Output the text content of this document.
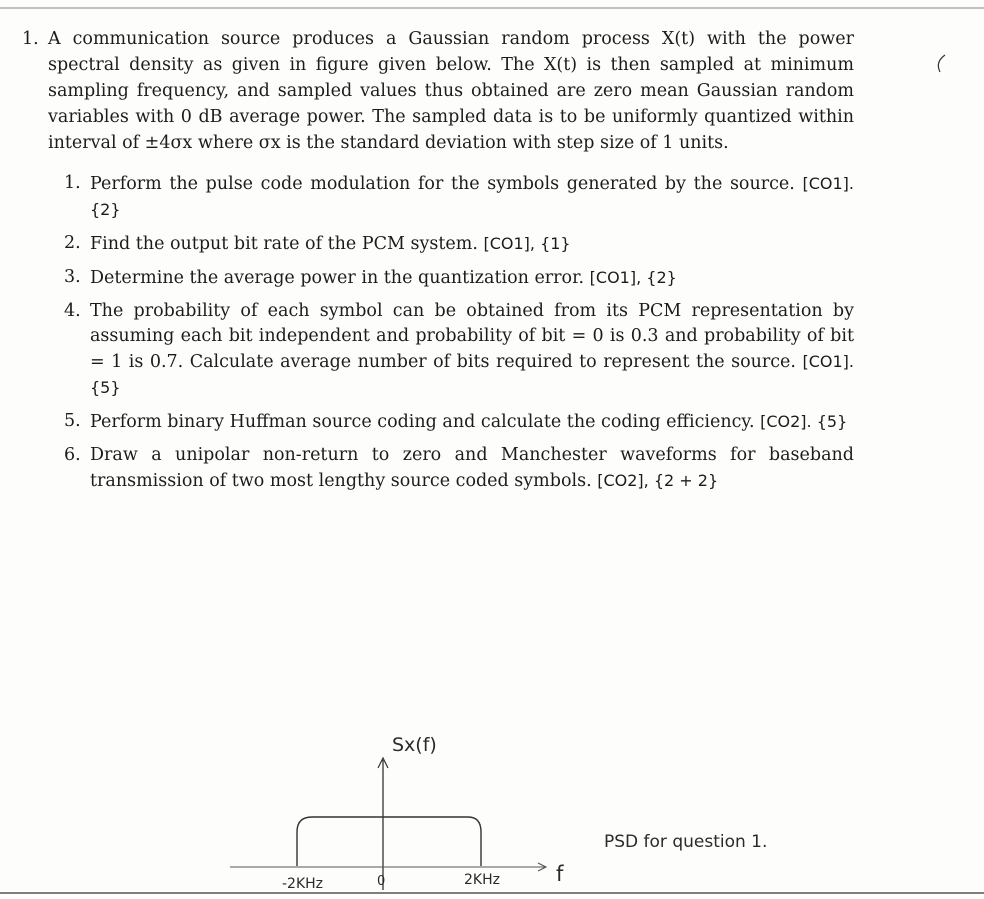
1. A communication source produces a Gaussian random process X(t) with the power spectral density as given in figure given below. The X(t) is then sampled at minimum sampling frequency, and sampled values thus obtained are zero mean Gaussian random variables with 0 dB average power. The sampled data is to be uniformly quantized within interval of ±4σx where σx is the standard deviation with step size of 1 units.
1. Perform the pulse code modulation for the symbols generated by the source. [CO1]. {2}
2. Find the output bit rate of the PCM system. [CO1], {1}
3. Determine the average power in the quantization error. [CO1], {2}
4. The probability of each symbol can be obtained from its PCM representation by assuming each bit independent and probability of bit = 0 is 0.3 and probability of bit = 1 is 0.7. Calculate average number of bits required to represent the source. [CO1]. {5}
5. Perform binary Huffman source coding and calculate the coding efficiency. [CO2]. {5}
6. Draw a unipolar non-return to zero and Manchester waveforms for baseband transmission of two most lengthy source coded symbols. [CO2], {2 + 2}
Sx(f)
f
-2KHz	0	2KHz
PSD for question 1.
